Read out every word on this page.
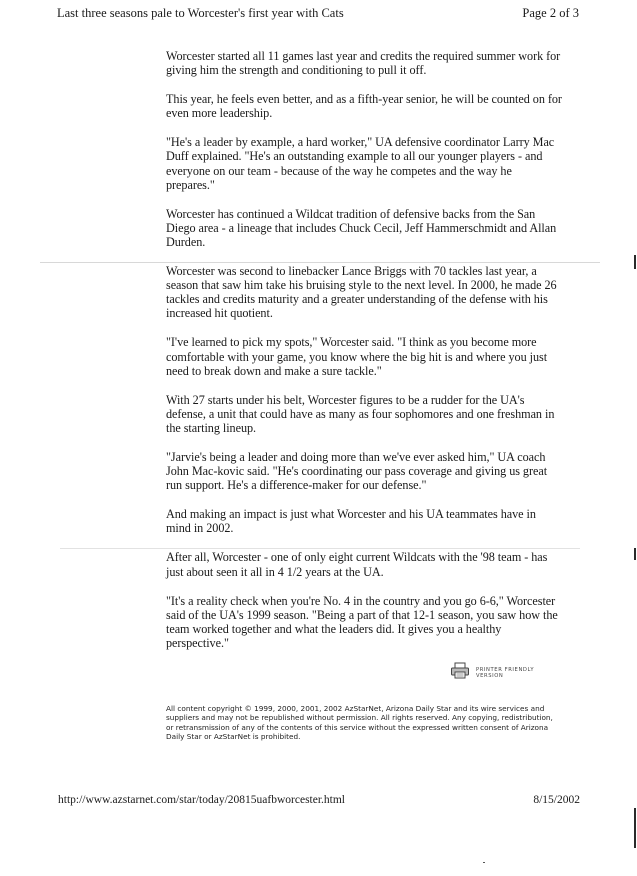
Last three seasons pale to Worcester's first year with Cats	Page 2 of 3

Worcester started all 11 games last year and credits the required summer work for giving him the strength and conditioning to pull it off.

This year, he feels even better, and as a fifth-year senior, he will be counted on for even more leadership.

"He's a leader by example, a hard worker," UA defensive coordinator Larry Mac Duff explained. "He's an outstanding example to all our younger players - and everyone on our team - because of the way he competes and the way he prepares."

Worcester has continued a Wildcat tradition of defensive backs from the San Diego area - a lineage that includes Chuck Cecil, Jeff Hammerschmidt and Allan Durden.

Worcester was second to linebacker Lance Briggs with 70 tackles last year, a season that saw him take his bruising style to the next level. In 2000, he made 26 tackles and credits maturity and a greater understanding of the defense with his increased hit quotient.

"I've learned to pick my spots," Worcester said. "I think as you become more comfortable with your game, you know where the big hit is and where you just need to break down and make a sure tackle."

With 27 starts under his belt, Worcester figures to be a rudder for the UA's defense, a unit that could have as many as four sophomores and one freshman in the starting lineup.

"Jarvie's being a leader and doing more than we've ever asked him," UA coach John Mac-kovic said. "He's coordinating our pass coverage and giving us great run support. He's a difference-maker for our defense."

And making an impact is just what Worcester and his UA teammates have in mind in 2002.

After all, Worcester - one of only eight current Wildcats with the '98 team - has just about seen it all in 4 1/2 years at the UA.

"It's a reality check when you're No. 4 in the country and you go 6-6," Worcester said of the UA's 1999 season. "Being a part of that 12-1 season, you saw how the team worked together and what the leaders did. It gives you a healthy perspective."

PRINTER FRIENDLY VERSION
All content copyright © 1999, 2000, 2001, 2002 AzStarNet, Arizona Daily Star and its wire services and suppliers and may not be republished without permission. All rights reserved. Any copying, redistribution, or retransmission of any of the contents of this service without the expressed written consent of Arizona Daily Star or AzStarNet is prohibited.
http://www.azstarnet.com/star/today/20815uafbworcester.html	8/15/2002
